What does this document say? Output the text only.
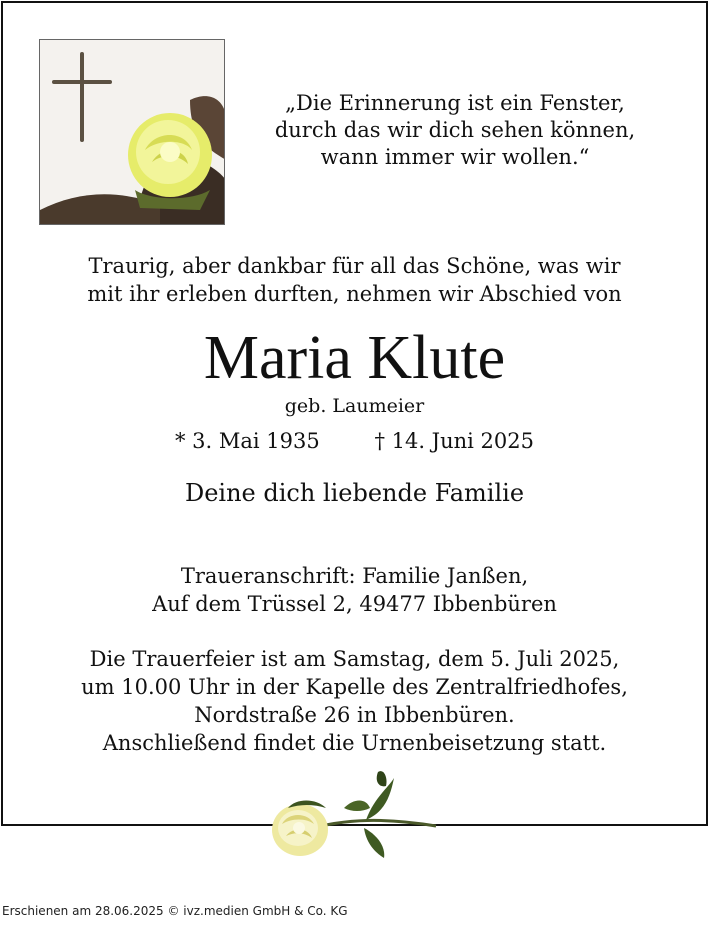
„Die Erinnerung ist ein Fenster,
durch das wir dich sehen können,
wann immer wir wollen.“
Traurig, aber dankbar für all das Schöne, was wir
mit ihr erleben durften, nehmen wir Abschied von
Maria Klute
geb. Laumeier
* 3. Mai 1935	† 14. Juni 2025
Deine dich liebende Familie
Traueranschrift: Familie Janßen,
Auf dem Trüssel 2, 49477 Ibbenbüren
Die Trauerfeier ist am Samstag, dem 5. Juli 2025,
um 10.00 Uhr in der Kapelle des Zentralfriedhofes,
Nordstraße 26 in Ibbenbüren.
Anschließend findet die Urnenbeisetzung statt.
Erschienen am 28.06.2025 © ivz.medien GmbH & Co. KG
